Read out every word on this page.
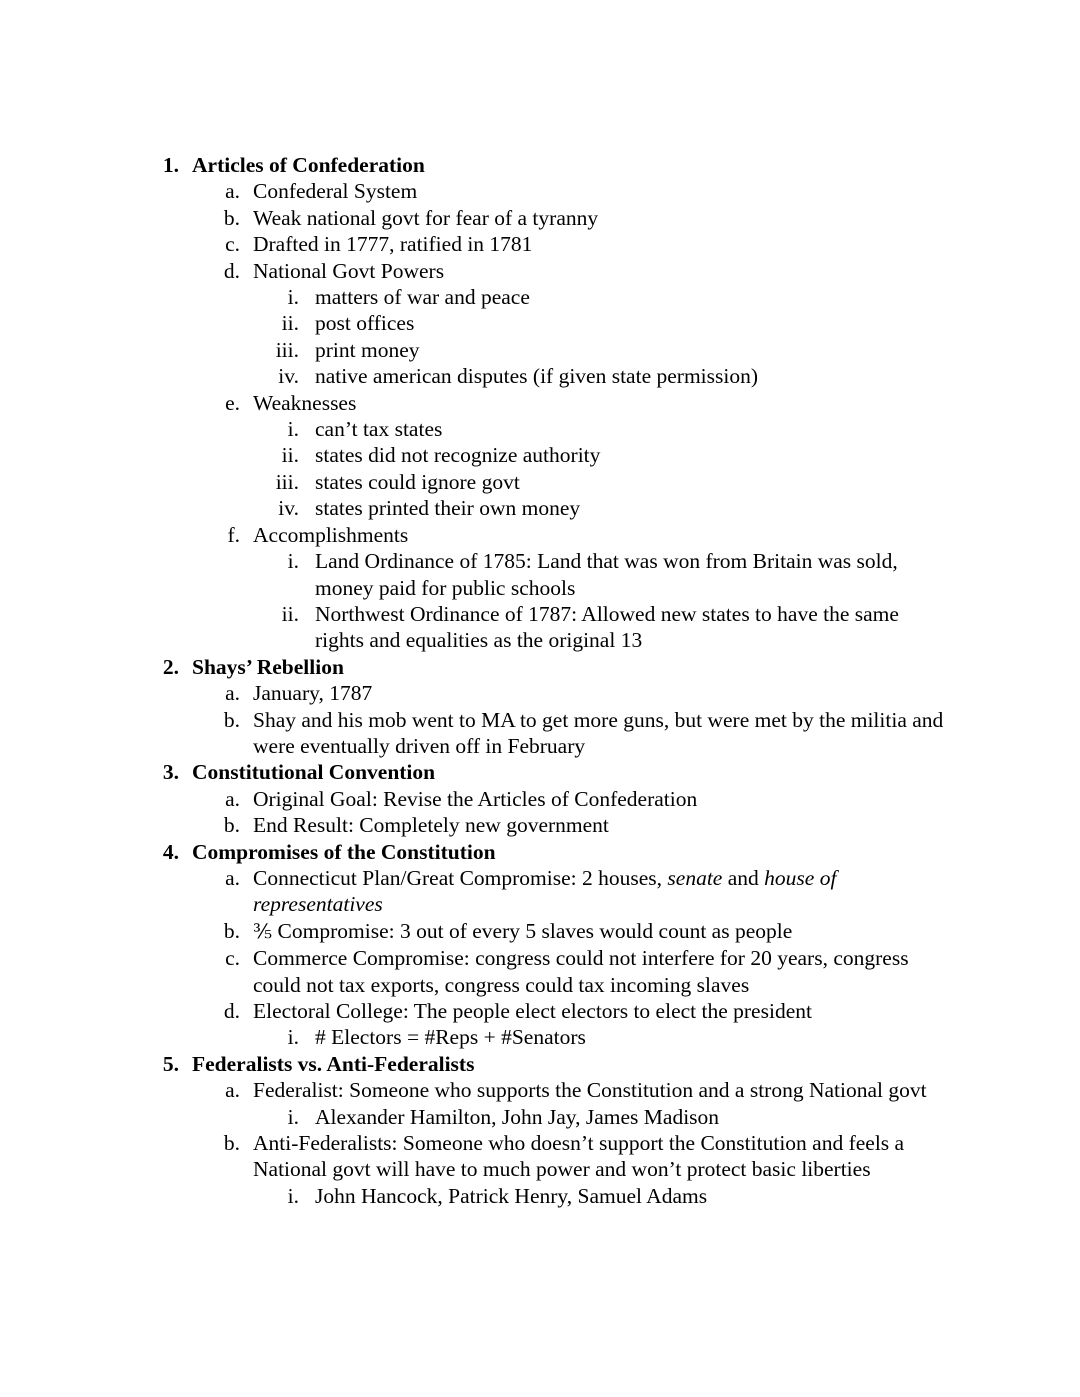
1. Articles of Confederation
a. Confederal System
b. Weak national govt for fear of a tyranny
c. Drafted in 1777, ratified in 1781
d. National Govt Powers
i. matters of war and peace
ii. post offices
iii. print money
iv. native american disputes (if given state permission)
e. Weaknesses
i. can’t tax states
ii. states did not recognize authority
iii. states could ignore govt
iv. states printed their own money
f. Accomplishments
i. Land Ordinance of 1785: Land that was won from Britain was sold, money paid for public schools
ii. Northwest Ordinance of 1787: Allowed new states to have the same rights and equalities as the original 13
2. Shays’ Rebellion
a. January, 1787
b. Shay and his mob went to MA to get more guns, but were met by the militia and were eventually driven off in February
3. Constitutional Convention
a. Original Goal: Revise the Articles of Confederation
b. End Result: Completely new government
4. Compromises of the Constitution
a. Connecticut Plan/Great Compromise: 2 houses, senate and house of representatives
b. ⅗ Compromise: 3 out of every 5 slaves would count as people
c. Commerce Compromise: congress could not interfere for 20 years, congress could not tax exports, congress could tax incoming slaves
d. Electoral College: The people elect electors to elect the president
i. # Electors = #Reps + #Senators
5. Federalists vs. Anti-Federalists
a. Federalist: Someone who supports the Constitution and a strong National govt
i. Alexander Hamilton, John Jay, James Madison
b. Anti-Federalists: Someone who doesn’t support the Constitution and feels a National govt will have to much power and won’t protect basic liberties
i. John Hancock, Patrick Henry, Samuel Adams
